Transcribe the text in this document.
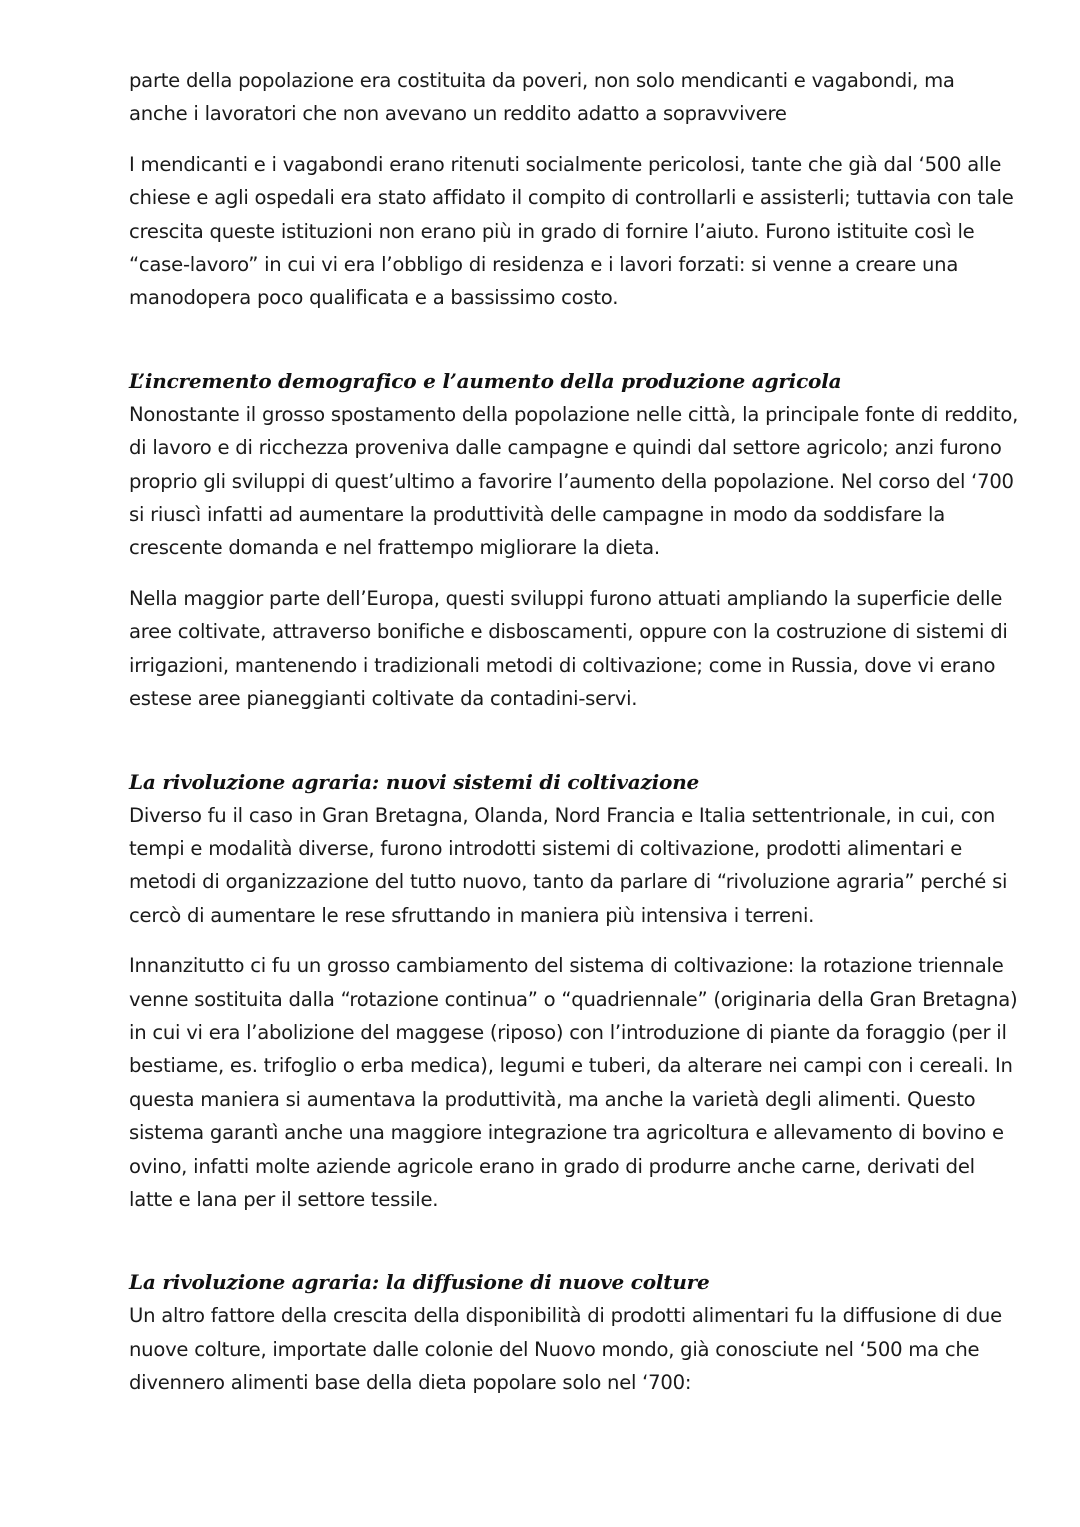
parte della popolazione era costituita da poveri, non solo mendicanti e vagabondi, ma anche i lavoratori che non avevano un reddito adatto a sopravvivere

I mendicanti e i vagabondi erano ritenuti socialmente pericolosi, tante che già dal ‘500 alle chiese e agli ospedali era stato affidato il compito di controllarli e assisterli; tuttavia con tale crescita queste istituzioni non erano più in grado di fornire l’aiuto. Furono istituite così le “case-lavoro” in cui vi era l’obbligo di residenza e i lavori forzati: si venne a creare una manodopera poco qualificata e a bassissimo costo.

L’incremento demografico e l’aumento della produzione agricola

Nonostante il grosso spostamento della popolazione nelle città, la principale fonte di reddito, di lavoro e di ricchezza proveniva dalle campagne e quindi dal settore agricolo; anzi furono proprio gli sviluppi di quest’ultimo a favorire l’aumento della popolazione. Nel corso del ‘700 si riuscì infatti ad aumentare la produttività delle campagne in modo da soddisfare la crescente domanda e nel frattempo migliorare la dieta.

Nella maggior parte dell’Europa, questi sviluppi furono attuati ampliando la superficie delle aree coltivate, attraverso bonifiche e disboscamenti, oppure con la costruzione di sistemi di irrigazioni, mantenendo i tradizionali metodi di coltivazione; come in Russia, dove vi erano estese aree pianeggianti coltivate da contadini-servi.

La rivoluzione agraria: nuovi sistemi di coltivazione

Diverso fu il caso in Gran Bretagna, Olanda, Nord Francia e Italia settentrionale, in cui, con tempi e modalità diverse, furono introdotti sistemi di coltivazione, prodotti alimentari e metodi di organizzazione del tutto nuovo, tanto da parlare di “rivoluzione agraria” perché si cercò di aumentare le rese sfruttando in maniera più intensiva i terreni.

Innanzitutto ci fu un grosso cambiamento del sistema di coltivazione: la rotazione triennale venne sostituita dalla “rotazione continua” o “quadriennale” (originaria della Gran Bretagna) in cui vi era l’abolizione del maggese (riposo) con l’introduzione di piante da foraggio (per il bestiame, es. trifoglio o erba medica), legumi e tuberi, da alterare nei campi con i cereali. In questa maniera si aumentava la produttività, ma anche la varietà degli alimenti. Questo sistema garantì anche una maggiore integrazione tra agricoltura e allevamento di bovino e ovino, infatti molte aziende agricole erano in grado di produrre anche carne, derivati del latte e lana per il settore tessile.

La rivoluzione agraria: la diffusione di nuove colture

Un altro fattore della crescita della disponibilità di prodotti alimentari fu la diffusione di due nuove colture, importate dalle colonie del Nuovo mondo, già conosciute nel ‘500 ma che divennero alimenti base della dieta popolare solo nel ‘700:
